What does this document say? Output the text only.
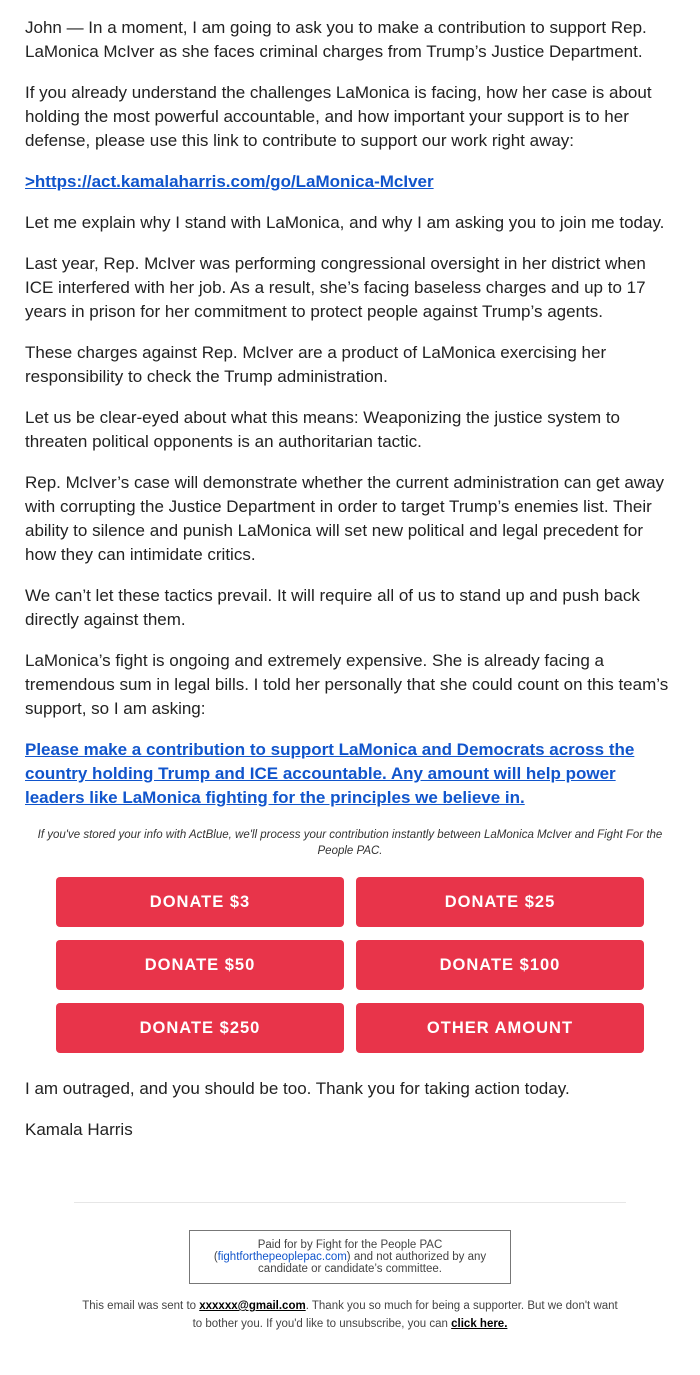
John — In a moment, I am going to ask you to make a contribution to support Rep. LaMonica McIver as she faces criminal charges from Trump’s Justice Department.

If you already understand the challenges LaMonica is facing, how her case is about holding the most powerful accountable, and how important your support is to her defense, please use this link to contribute to support our work right away:

>https://act.kamalaharris.com/go/LaMonica-McIver

Let me explain why I stand with LaMonica, and why I am asking you to join me today.

Last year, Rep. McIver was performing congressional oversight in her district when ICE interfered with her job. As a result, she’s facing baseless charges and up to 17 years in prison for her commitment to protect people against Trump’s agents.

These charges against Rep. McIver are a product of LaMonica exercising her responsibility to check the Trump administration.

Let us be clear-eyed about what this means: Weaponizing the justice system to threaten political opponents is an authoritarian tactic.

Rep. McIver’s case will demonstrate whether the current administration can get away with corrupting the Justice Department in order to target Trump’s enemies list. Their ability to silence and punish LaMonica will set new political and legal precedent for how they can intimidate critics.

We can’t let these tactics prevail. It will require all of us to stand up and push back directly against them.

LaMonica’s fight is ongoing and extremely expensive. She is already facing a tremendous sum in legal bills. I told her personally that she could count on this team’s support, so I am asking:

Please make a contribution to support LaMonica and Democrats across the country holding Trump and ICE accountable. Any amount will help power leaders like LaMonica fighting for the principles we believe in.

If you've stored your info with ActBlue, we'll process your contribution instantly between LaMonica McIver and Fight For the People PAC.
DONATE $3	DONATE $25
DONATE $50	DONATE $100
DONATE $250	OTHER AMOUNT

I am outraged, and you should be too. Thank you for taking action today.

Kamala Harris

Paid for by Fight for the People PAC
(fightforthepeoplepac.com) and not authorized by any candidate or candidate’s committee.
This email was sent to xxxxxx@gmail.com. Thank you so much for being a supporter. But we don't want to bother you. If you'd like to unsubscribe, you can click here.
